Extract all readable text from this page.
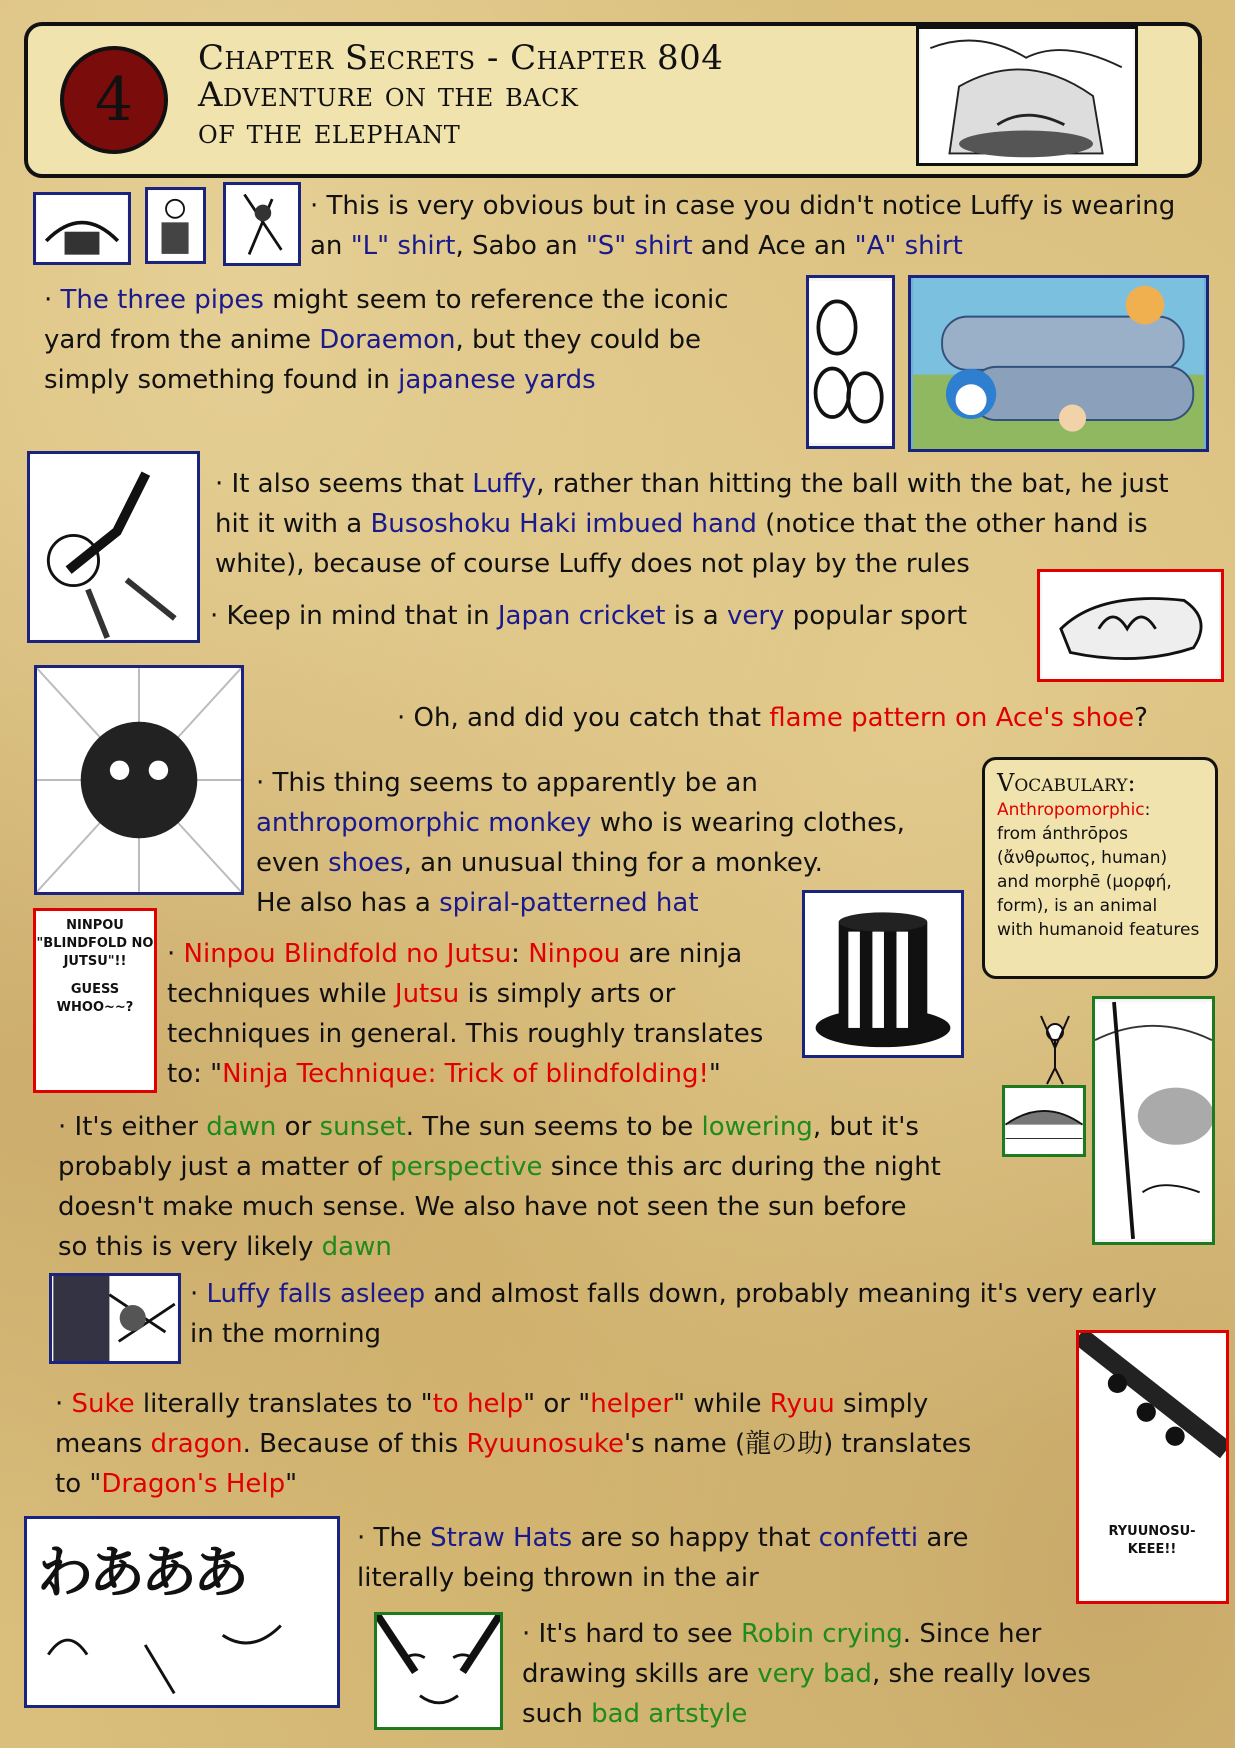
4
Chapter Secrets - Chapter 804
Adventure on the back
of the elephant
· This is very obvious but in case you didn't notice Luffy is wearing
an "L" shirt, Sabo an "S" shirt and Ace an "A" shirt
· The three pipes might seem to reference the iconic
yard from the anime Doraemon, but they could be
simply something found in japanese yards
· It also seems that Luffy, rather than hitting the ball with the bat, he just
hit it with a Busoshoku Haki imbued hand (notice that the other hand is
white), because of course Luffy does not play by the rules
· Keep in mind that in Japan cricket is a very popular sport
· Oh, and did you catch that flame pattern on Ace's shoe?
· This thing seems to apparently be an
anthropomorphic monkey who is wearing clothes,
even shoes, an unusual thing for a monkey.
He also has a spiral-patterned hat
Vocabulary:
Anthropomorphic:
from ánthrōpos
(ἄνθρωπος, human)
and morphē (μορφή,
form), is an animal
with humanoid features
NINPOU
"BLINDFOLD NO
JUTSU"!!
GUESS
WHOO~~?
· Ninpou Blindfold no Jutsu: Ninpou are ninja
techniques while Jutsu is simply arts or
techniques in general. This roughly translates
to: "Ninja Technique: Trick of blindfolding!"
· It's either dawn or sunset. The sun seems to be lowering, but it's
probably just a matter of perspective since this arc during the night
doesn't make much sense. We also have not seen the sun before
so this is very likely dawn
· Luffy falls asleep and almost falls down, probably meaning it's very early
in the morning
RYUUNOSU-
KEEE!!
· Suke literally translates to "to help" or "helper" while Ryuu simply
means dragon. Because of this Ryuunosuke's name (龍の助) translates
to "Dragon's Help"
わあああ
· The Straw Hats are so happy that confetti are
literally being thrown in the air
· It's hard to see Robin crying. Since her
drawing skills are very bad, she really loves
such bad artstyle
